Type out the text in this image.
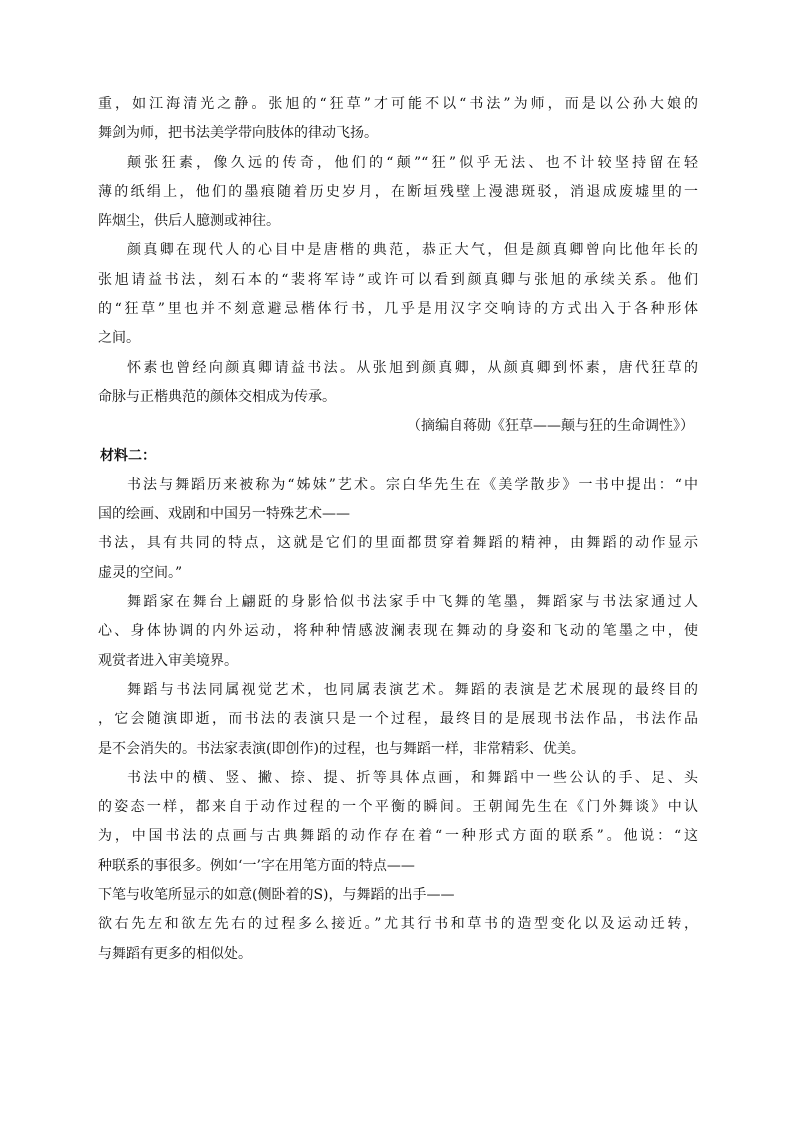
重，如江海清光之静。张旭的“狂草”才可能不以“书法”为师，而是以公孙大娘的
舞剑为师，把书法美学带向肢体的律动飞扬。
颠张狂素，像久远的传奇，他们的“颠”“狂”似乎无法、也不计较坚持留在轻
薄的纸绢上，他们的墨痕随着历史岁月，在断垣残壁上漫漶斑驳，消退成废墟里的一
阵烟尘，供后人臆测或神往。
颜真卿在现代人的心目中是唐楷的典范，恭正大气，但是颜真卿曾向比他年长的
张旭请益书法，刻石本的“裴将军诗”或许可以看到颜真卿与张旭的承续关系。他们
的“狂草”里也并不刻意避忌楷体行书，几乎是用汉字交响诗的方式出入于各种形体
之间。
怀素也曾经向颜真卿请益书法。从张旭到颜真卿，从颜真卿到怀素，唐代狂草的
命脉与正楷典范的颜体交相成为传承。
（摘编自蒋勋《狂草——颠与狂的生命调性》）
材料二：
书法与舞蹈历来被称为“姊妹”艺术。宗白华先生在《美学散步》一书中提出：“中
国的绘画、戏剧和中国另一特殊艺术——
书法，具有共同的特点，这就是它们的里面都贯穿着舞蹈的精神，由舞蹈的动作显示
虚灵的空间。”
舞蹈家在舞台上翩跹的身影恰似书法家手中飞舞的笔墨，舞蹈家与书法家通过人
心、身体协调的内外运动，将种种情感波澜表现在舞动的身姿和飞动的笔墨之中，使
观赏者进入审美境界。
舞蹈与书法同属视觉艺术，也同属表演艺术。舞蹈的表演是艺术展现的最终目的
，它会随演即逝，而书法的表演只是一个过程，最终目的是展现书法作品，书法作品
是不会消失的。书法家表演(即创作)的过程，也与舞蹈一样，非常精彩、优美。
书法中的横、竖、撇、捺、提、折等具体点画，和舞蹈中一些公认的手、足、头
的姿态一样，都来自于动作过程的一个平衡的瞬间。王朝闻先生在《门外舞谈》中认
为，中国书法的点画与古典舞蹈的动作存在着“一种形式方面的联系”。他说：“这
种联系的事很多。例如‘一’字在用笔方面的特点——
下笔与收笔所显示的如意(侧卧着的S)，与舞蹈的出手——
欲右先左和欲左先右的过程多么接近。”尤其行书和草书的造型变化以及运动迁转，
与舞蹈有更多的相似处。
